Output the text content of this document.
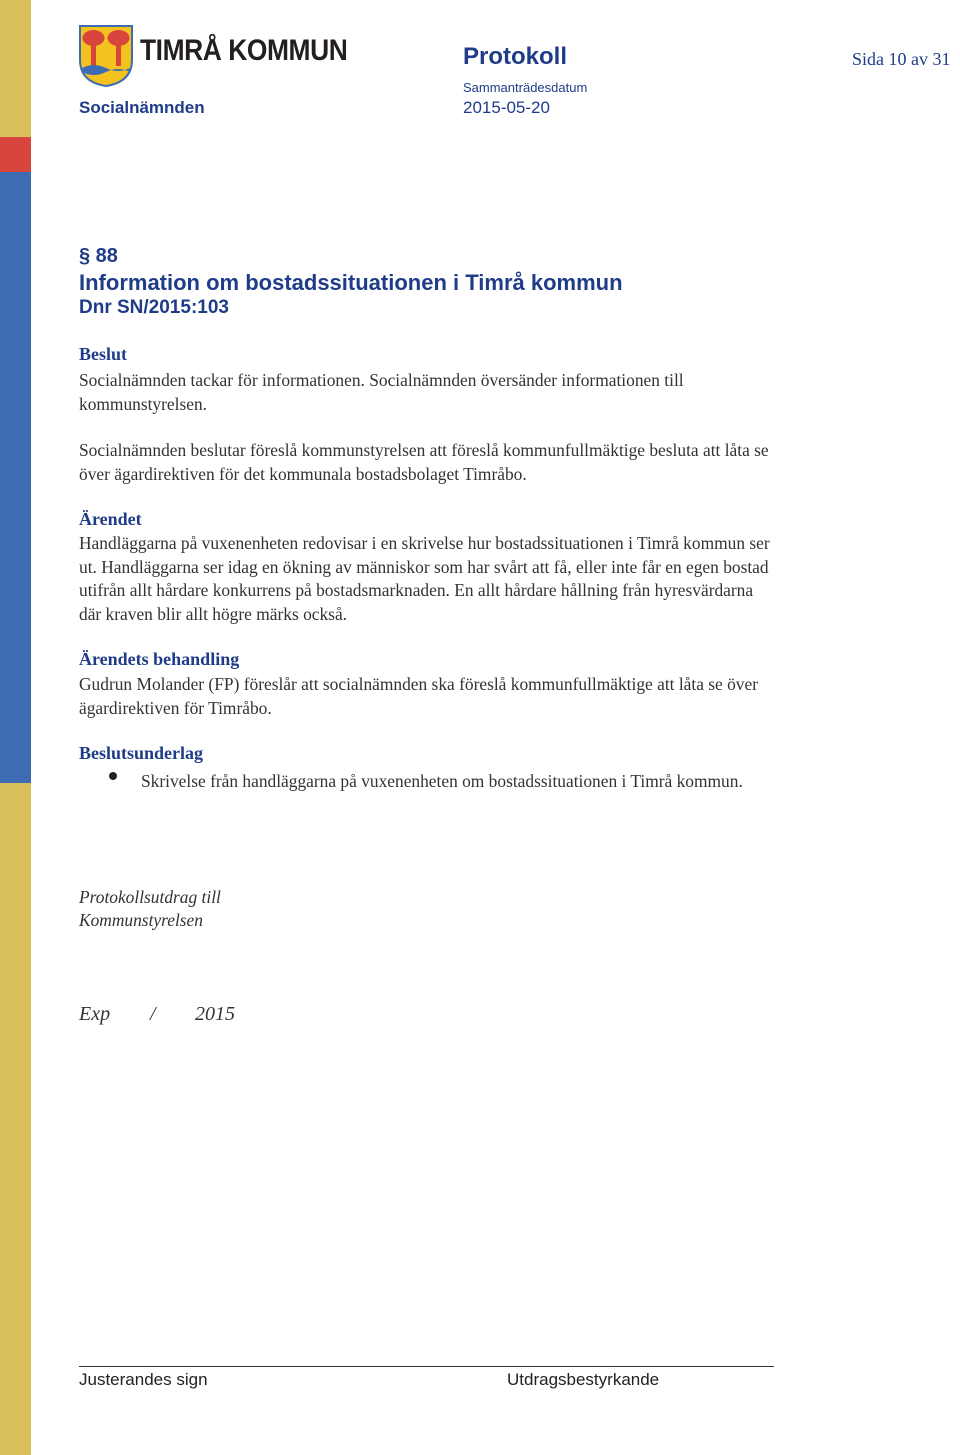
TIMRÅ KOMMUN	Protokoll	Sida 10 av 31
Sammanträdesdatum
Socialnämnden	2015-05-20
§ 88
Information om bostadssituationen i Timrå kommun
Dnr SN/2015:103
Beslut
Socialnämnden tackar för informationen. Socialnämnden översänder informationen till kommunstyrelsen.
Socialnämnden beslutar föreslå kommunstyrelsen att föreslå kommunfullmäktige besluta att låta se över ägardirektiven för det kommunala bostadsbolaget Timråbo.
Ärendet
Handläggarna på vuxenenheten redovisar i en skrivelse hur bostadssituationen i Timrå kommun ser ut. Handläggarna ser idag en ökning av människor som har svårt att få, eller inte får en egen bostad utifrån allt hårdare konkurrens på bostadsmarknaden. En allt hårdare hållning från hyresvärdarna där kraven blir allt högre märks också.
Ärendets behandling
Gudrun Molander (FP) föreslår att socialnämnden ska föreslå kommunfullmäktige att låta se över ägardirektiven för Timråbo.
Beslutsunderlag
Skrivelse från handläggarna på vuxenenheten om bostadssituationen i Timrå kommun.
Protokollsutdrag till
Kommunstyrelsen
Exp / 2015
Justerandes sign	Utdragsbestyrkande
